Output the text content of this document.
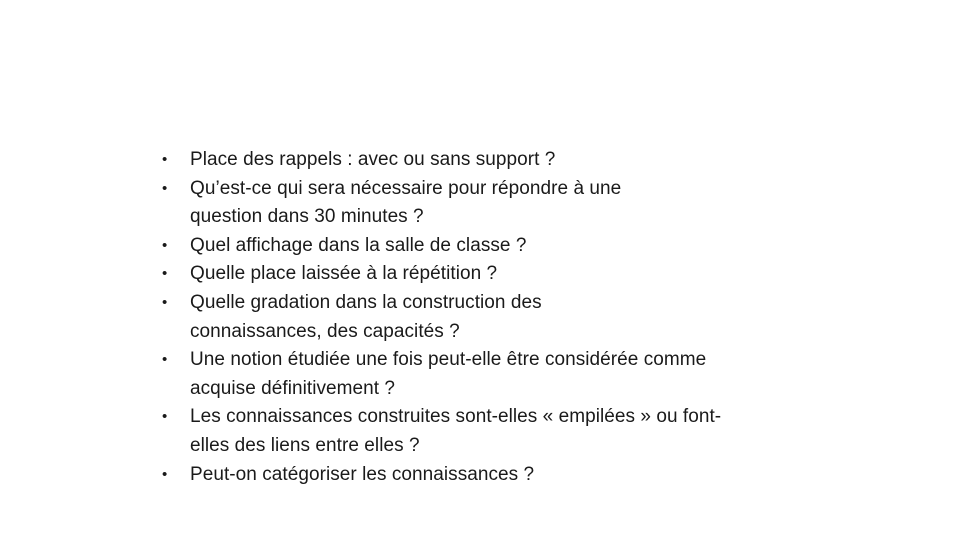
• Place des rappels : avec ou sans support ?
• Qu’est-ce qui sera nécessaire pour répondre à une question dans 30 minutes ?
• Quel affichage dans la salle de classe ?
• Quelle place laissée à la répétition ?
• Quelle gradation dans la construction des connaissances, des capacités ?
• Une notion étudiée une fois peut-elle être considérée comme acquise définitivement ?
• Les connaissances construites sont-elles « empilées » ou font-elles des liens entre elles ?
• Peut-on catégoriser les connaissances ?
